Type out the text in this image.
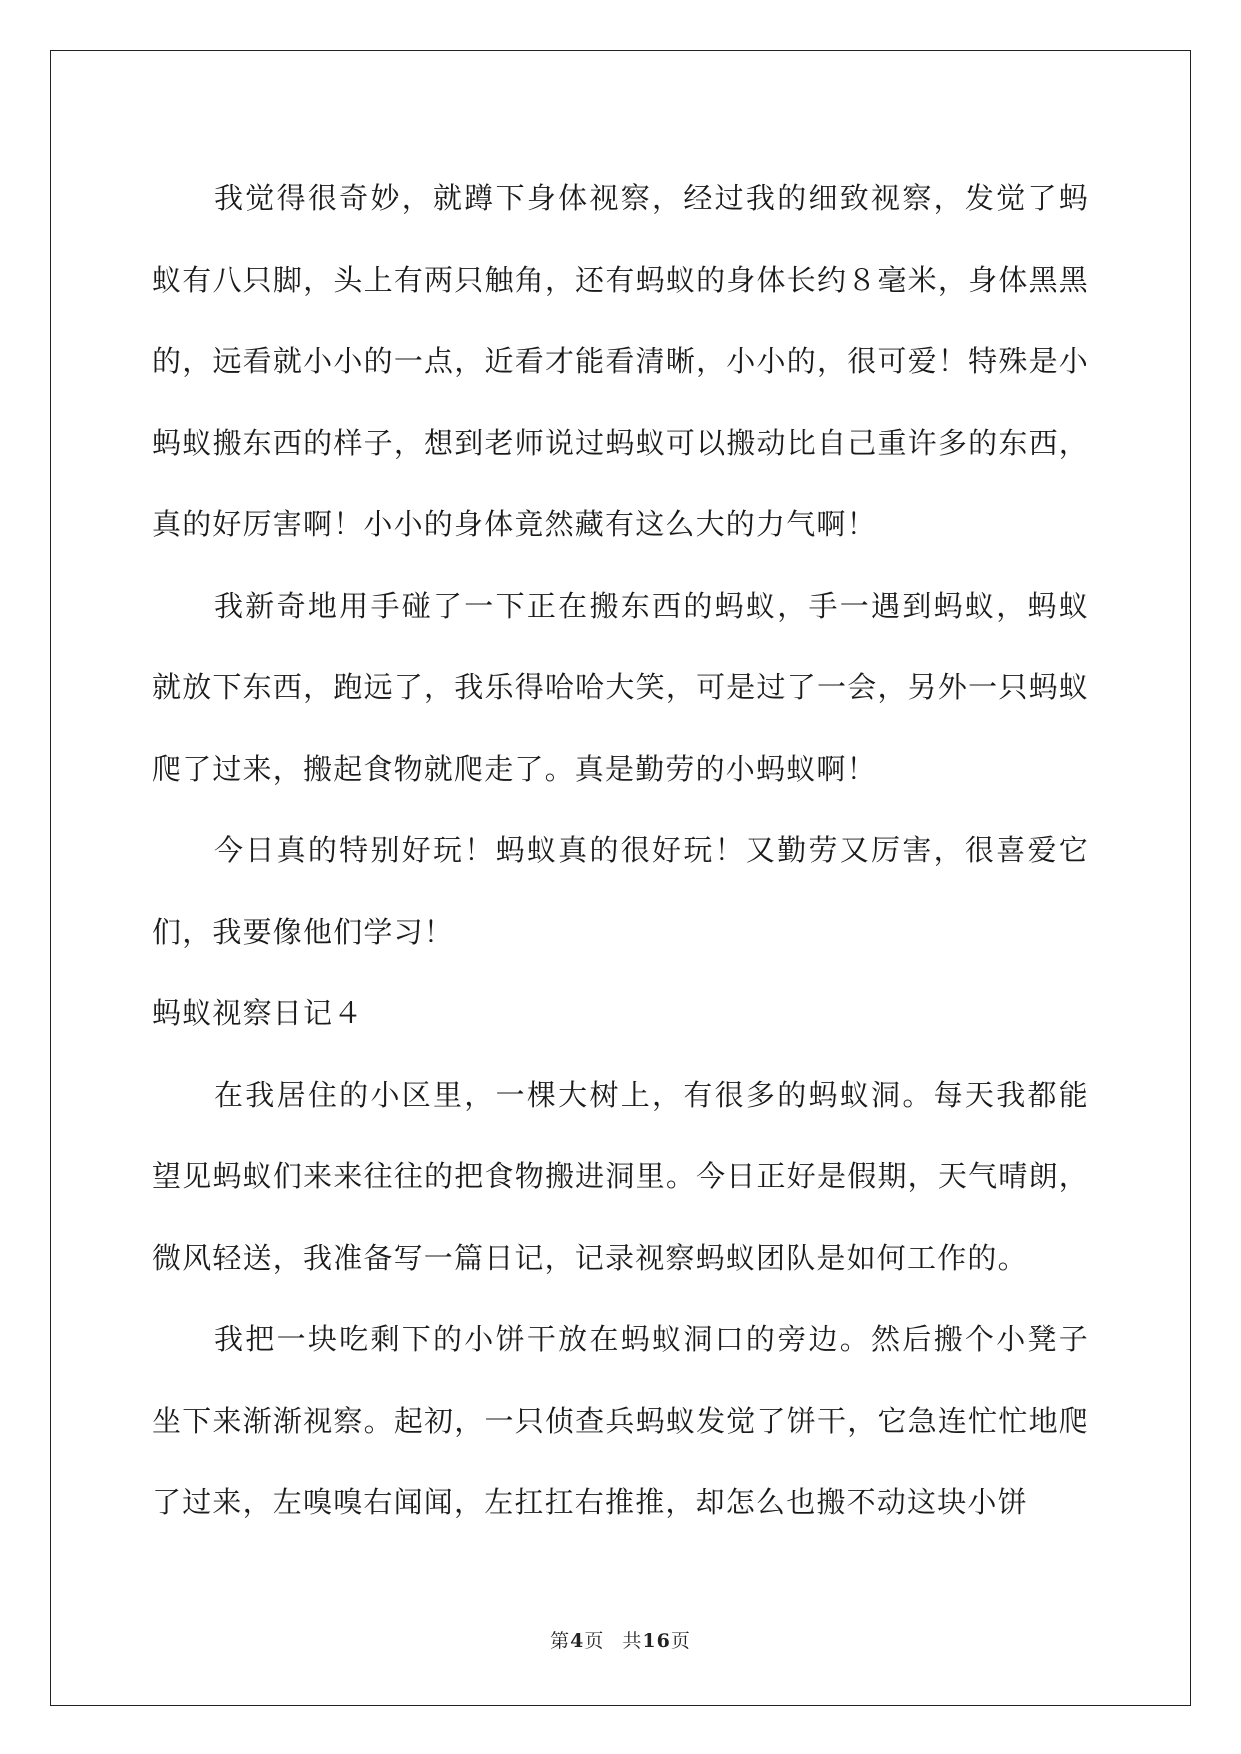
我觉得很奇妙，就蹲下身体视察，经过我的细致视察，发觉了蚂蚁有八只脚，头上有两只触角，还有蚂蚁的身体长约８毫米，身体黑黑的，远看就小小的一点，近看才能看清晰，小小的，很可爱！特殊是小蚂蚁搬东西的样子，想到老师说过蚂蚁可以搬动比自己重许多的东西，真的好厉害啊！小小的身体竟然藏有这么大的力气啊！

我新奇地用手碰了一下正在搬东西的蚂蚁，手一遇到蚂蚁，蚂蚁就放下东西，跑远了，我乐得哈哈大笑，可是过了一会，另外一只蚂蚁爬了过来，搬起食物就爬走了。真是勤劳的小蚂蚁啊！

今日真的特别好玩！蚂蚁真的很好玩！又勤劳又厉害，很喜爱它们，我要像他们学习！

蚂蚁视察日记４

在我居住的小区里，一棵大树上，有很多的蚂蚁洞。每天我都能望见蚂蚁们来来往往的把食物搬进洞里。今日正好是假期，天气晴朗，微风轻送，我准备写一篇日记，记录视察蚂蚁团队是如何工作的。

我把一块吃剩下的小饼干放在蚂蚁洞口的旁边。然后搬个小凳子坐下来渐渐视察。起初，一只侦查兵蚂蚁发觉了饼干，它急连忙忙地爬了过来，左嗅嗅右闻闻，左扛扛右推推，却怎么也搬不动这块小饼

第4页 共16页
